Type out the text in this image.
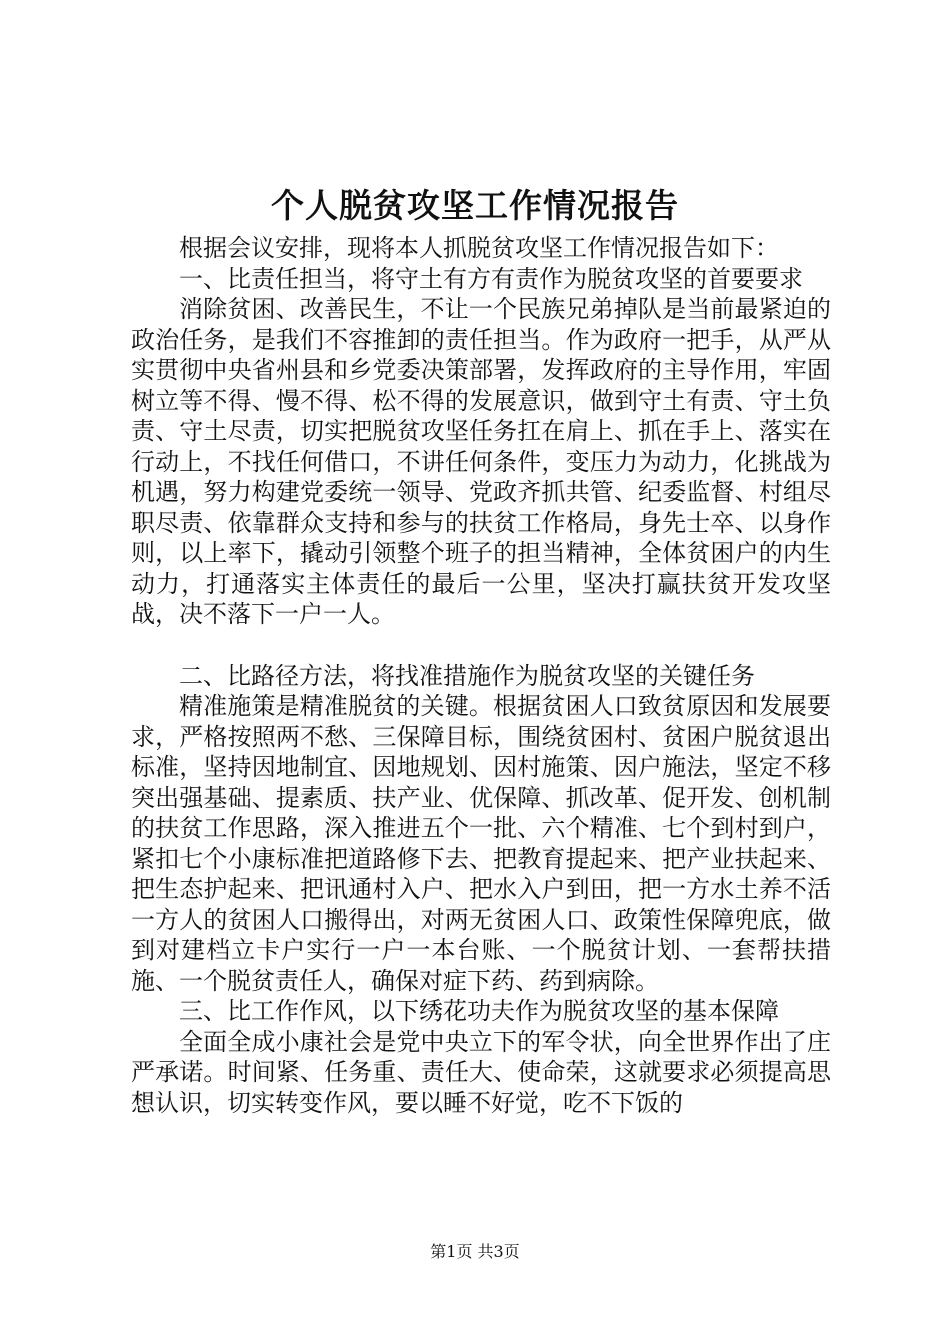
个人脱贫攻坚工作情况报告

根据会议安排，现将本人抓脱贫攻坚工作情况报告如下：

一、比责任担当，将守土有方有责作为脱贫攻坚的首要要求

消除贫困、改善民生，不让一个民族兄弟掉队是当前最紧迫的政治任务，是我们不容推卸的责任担当。作为政府一把手，从严从实贯彻中央省州县和乡党委决策部署，发挥政府的主导作用，牢固树立等不得、慢不得、松不得的发展意识，做到守土有责、守土负责、守土尽责，切实把脱贫攻坚任务扛在肩上、抓在手上、落实在行动上，不找任何借口，不讲任何条件，变压力为动力，化挑战为机遇，努力构建党委统一领导、党政齐抓共管、纪委监督、村组尽职尽责、依靠群众支持和参与的扶贫工作格局，身先士卒、以身作则，以上率下，撬动引领整个班子的担当精神，全体贫困户的内生动力，打通落实主体责任的最后一公里，坚决打赢扶贫开发攻坚战，决不落下一户一人。

二、比路径方法，将找准措施作为脱贫攻坚的关键任务

精准施策是精准脱贫的关键。根据贫困人口致贫原因和发展要求，严格按照两不愁、三保障目标，围绕贫困村、贫困户脱贫退出标准，坚持因地制宜、因地规划、因村施策、因户施法，坚定不移突出强基础、提素质、扶产业、优保障、抓改革、促开发、创机制的扶贫工作思路，深入推进五个一批、六个精准、七个到村到户，紧扣七个小康标准把道路修下去、把教育提起来、把产业扶起来、把生态护起来、把讯通村入户、把水入户到田，把一方水土养不活一方人的贫困人口搬得出，对两无贫困人口、政策性保障兜底，做到对建档立卡户实行一户一本台账、一个脱贫计划、一套帮扶措施、一个脱贫责任人，确保对症下药、药到病除。

三、比工作作风，以下绣花功夫作为脱贫攻坚的基本保障

全面全成小康社会是党中央立下的军令状，向全世界作出了庄严承诺。时间紧、任务重、责任大、使命荣，这就要求必须提高思想认识，切实转变作风，要以睡不好觉，吃不下饭的

第1页 共3页
